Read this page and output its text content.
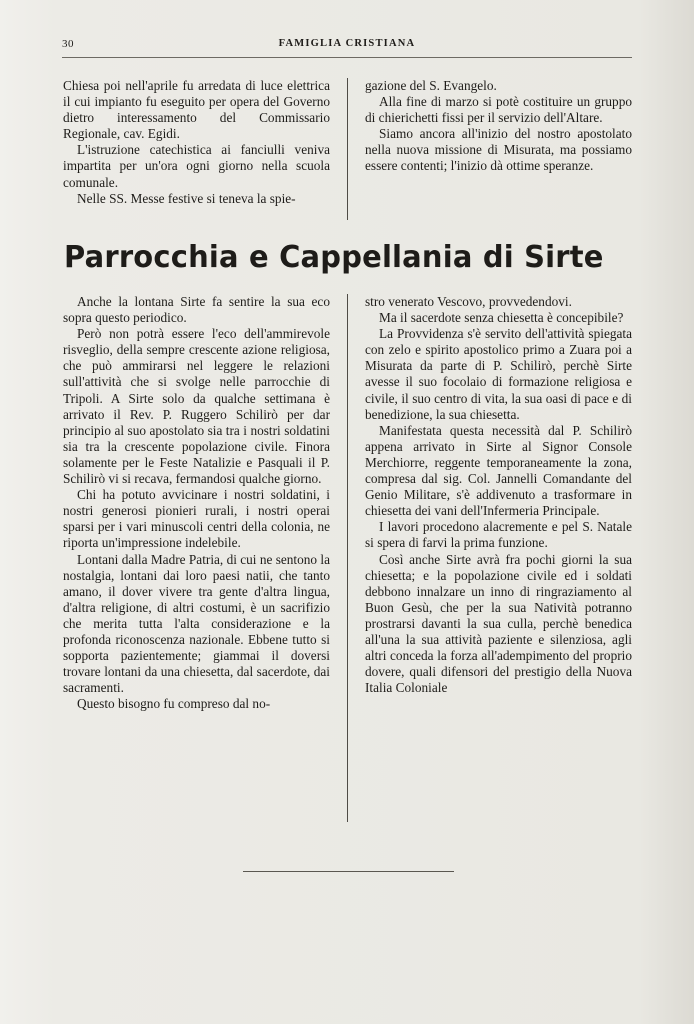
30	FAMIGLIA CRISTIANA

Chiesa poi nell'aprile fu arredata di luce elettrica il cui impianto fu eseguito per opera del Governo dietro interessamento del Commissario Regionale, cav. Egidi.

L'istruzione catechistica ai fanciulli veniva impartita per un'ora ogni giorno nella scuola comunale.

Nelle SS. Messe festive si teneva la spie-

gazione del S. Evangelo.

Alla fine di marzo si potè costituire un gruppo di chierichetti fissi per il servizio dell'Altare.

Siamo ancora all'inizio del nostro apostolato nella nuova missione di Misurata, ma possiamo essere contenti; l'inizio dà ottime speranze.

Parrocchia e Cappellania di Sirte

Anche la lontana Sirte fa sentire la sua eco sopra questo periodico.

Però non potrà essere l'eco dell'ammirevole risveglio, della sempre crescente azione religiosa, che può ammirarsi nel leggere le relazioni sull'attività che si svolge nelle parrocchie di Tripoli. A Sirte solo da qualche settimana è arrivato il Rev. P. Ruggero Schilirò per dar principio al suo apostolato sia tra i nostri soldatini sia tra la crescente popolazione civile. Finora solamente per le Feste Natalizie e Pasquali il P. Schilirò vi si recava, fermandosi qualche giorno.

Chi ha potuto avvicinare i nostri soldatini, i nostri generosi pionieri rurali, i nostri operai sparsi per i vari minuscoli centri della colonia, ne riporta un'impressione indelebile.

Lontani dalla Madre Patria, di cui ne sentono la nostalgia, lontani dai loro paesi natii, che tanto amano, il dover vivere tra gente d'altra lingua, d'altra religione, di altri costumi, è un sacrifizio che merita tutta l'alta considerazione e la profonda riconoscenza nazionale. Ebbene tutto si sopporta pazientemente; giammai il doversi trovare lontani da una chiesetta, dal sacerdote, dai sacramenti.

Questo bisogno fu compreso dal no-

stro venerato Vescovo, provvedendovi.

Ma il sacerdote senza chiesetta è concepibile?

La Provvidenza s'è servito dell'attività spiegata con zelo e spirito apostolico primo a Zuara poi a Misurata da parte di P. Schilirò, perchè Sirte avesse il suo focolaio di formazione religiosa e civile, il suo centro di vita, la sua oasi di pace e di benedizione, la sua chiesetta.

Manifestata questa necessità dal P. Schilirò appena arrivato in Sirte al Signor Console Merchiorre, reggente temporaneamente la zona, compresa dal sig. Col. Jannelli Comandante del Genio Militare, s'è addivenuto a trasformare in chiesetta dei vani dell'Infermeria Principale.

I lavori procedono alacremente e pel S. Natale si spera di farvi la prima funzione.

Così anche Sirte avrà fra pochi giorni la sua chiesetta; e la popolazione civile ed i soldati debbono innalzare un inno di ringraziamento al Buon Gesù, che per la sua Natività potranno prostrarsi davanti la sua culla, perchè benedica all'una la sua attività paziente e silenziosa, agli altri conceda la forza all'adempimento del proprio dovere, quali difensori del prestigio della Nuova Italia Coloniale
